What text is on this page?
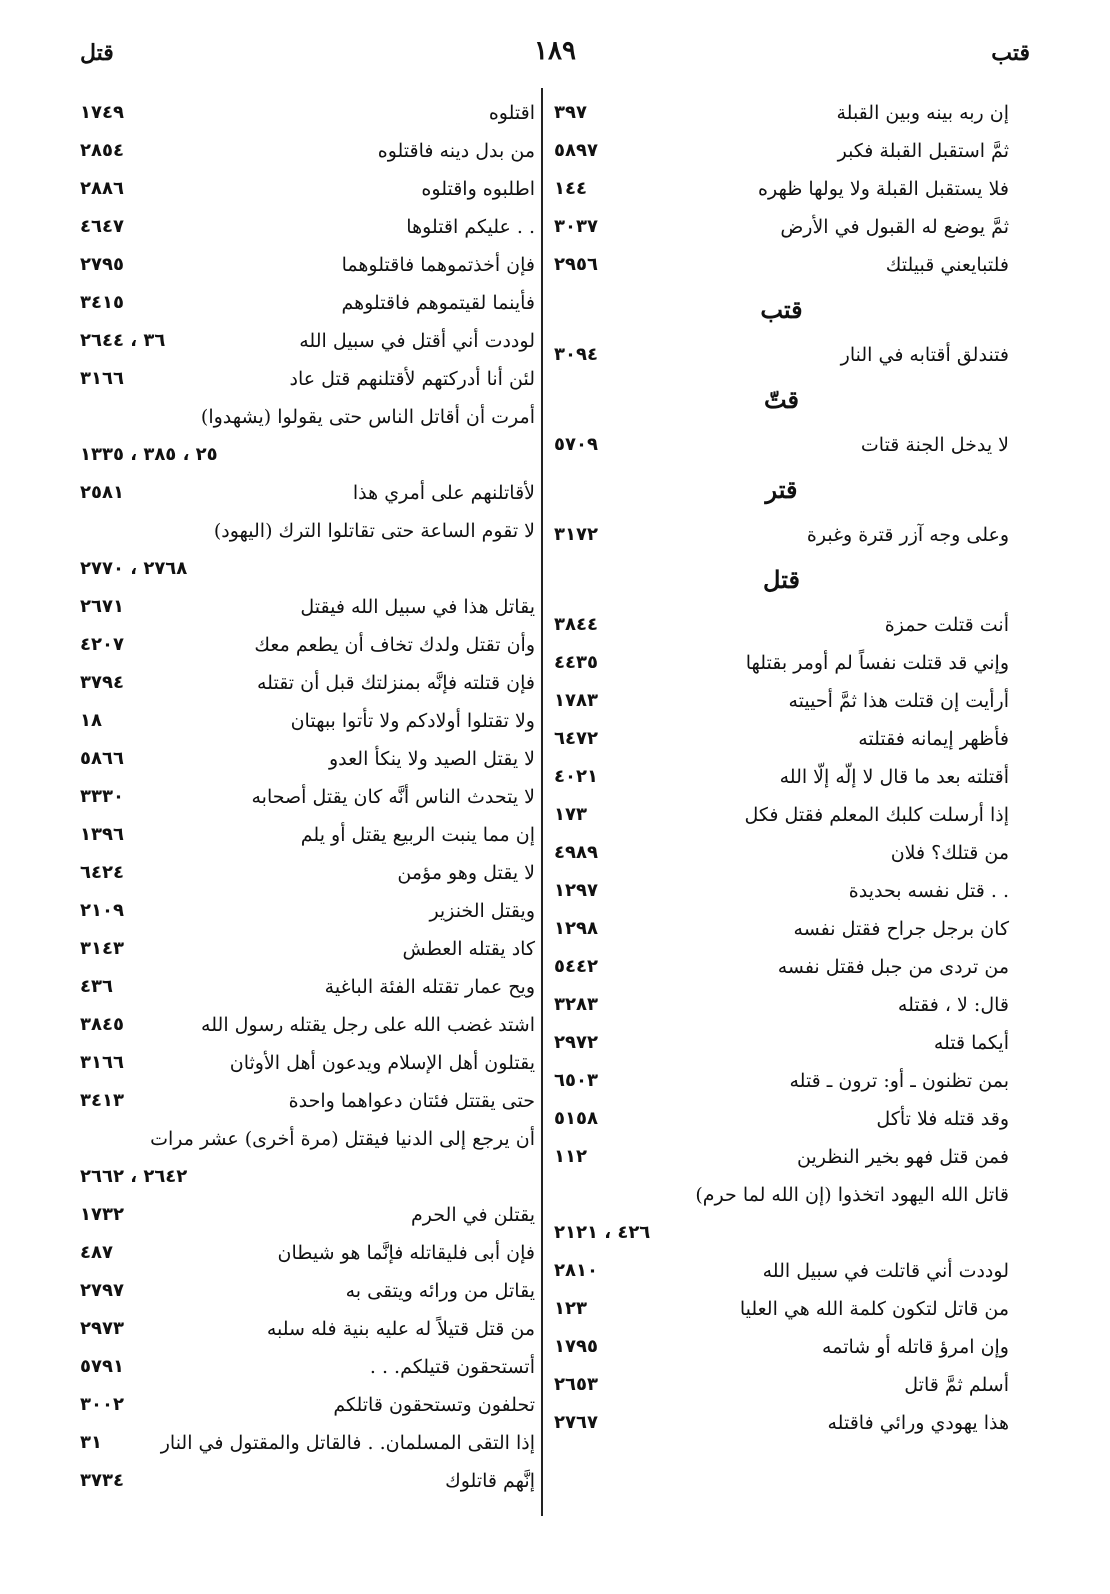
قتب
١٨٩
قتل
إن ربه بينه وبين القبلة
٣٩٧
ثمَّ استقبل القبلة فكبر
٥٨٩٧
فلا يستقبل القبلة ولا يولها ظهره
١٤٤
ثمَّ يوضع له القبول في الأرض
٣٠٣٧
فلتبايعني قبيلتك
٢٩٥٦
قتب
فتندلق أقتابه في النار
٣٠٩٤
قتّ
لا يدخل الجنة قتات
٥٧٠٩
قتر
وعلى وجه آزر قترة وغبرة
٣١٧٢
قتل
أنت قتلت حمزة
٣٨٤٤
وإني قد قتلت نفساً لم أومر بقتلها
٤٤٣٥
أرأيت إن قتلت هذا ثمَّ أحييته
١٧٨٣
فأظهر إيمانه فقتلته
٦٤٧٢
أقتلته بعد ما قال لا إلّه إلّا الله
٤٠٢١
إذا أرسلت كلبك المعلم فقتل فكل
١٧٣
من قتلك؟ فلان
٤٩٨٩
. . قتل نفسه بحديدة
١٢٩٧
كان برجل جراح فقتل نفسه
١٢٩٨
من تردى من جبل فقتل نفسه
٥٤٤٢
قال: لا ، فقتله
٣٢٨٣
أيكما قتله
٢٩٧٢
بمن تظنون ـ أو: ترون ـ قتله
٦٥٠٣
وقد قتله فلا تأكل
٥١٥٨
فمن قتل فهو بخير النظرين
١١٢
قاتل الله اليهود اتخذوا (إن الله لما حرم)
٤٢٦ ، ٢١٢١
لوددت أني قاتلت في سبيل الله
٢٨١٠
من قاتل لتكون كلمة الله هي العليا
١٢٣
وإن امرؤ قاتله أو شاتمه
١٧٩٥
أسلم ثمَّ قاتل
٢٦٥٣
هذا يهودي ورائي فاقتله
٢٧٦٧
اقتلوه
١٧٤٩
من بدل دينه فاقتلوه
٢٨٥٤
اطلبوه واقتلوه
٢٨٨٦
. . عليكم اقتلوها
٤٦٤٧
فإن أخذتموهما فاقتلوهما
٢٧٩٥
فأينما لقيتموهم فاقتلوهم
٣٤١٥
لوددت أني أقتل في سبيل الله
٣٦ ، ٢٦٤٤
لئن أنا أدركتهم لأقتلنهم قتل عاد
٣١٦٦
أمرت أن أقاتل الناس حتى يقولوا (يشهدوا)
٢٥ ، ٣٨٥ ، ١٣٣٥
لأقاتلنهم على أمري هذا
٢٥٨١
لا تقوم الساعة حتى تقاتلوا الترك (اليهود)
٢٧٦٨ ، ٢٧٧٠
يقاتل هذا في سبيل الله فيقتل
٢٦٧١
وأن تقتل ولدك تخاف أن يطعم معك
٤٢٠٧
فإن قتلته فإنَّه بمنزلتك قبل أن تقتله
٣٧٩٤
ولا تقتلوا أولادكم ولا تأتوا ببهتان
١٨
لا يقتل الصيد ولا ينكأ العدو
٥٨٦٦
لا يتحدث الناس أنَّه كان يقتل أصحابه
٣٣٣٠
إن مما ينبت الربيع يقتل أو يلم
١٣٩٦
لا يقتل وهو مؤمن
٦٤٢٤
ويقتل الخنزير
٢١٠٩
كاد يقتله العطش
٣١٤٣
ويح عمار تقتله الفئة الباغية
٤٣٦
اشتد غضب الله على رجل يقتله رسول الله
٣٨٤٥
يقتلون أهل الإسلام ويدعون أهل الأوثان
٣١٦٦
حتى يقتتل فئتان دعواهما واحدة
٣٤١٣
أن يرجع إلى الدنيا فيقتل (مرة أخرى) عشر مرات
٢٦٤٢ ، ٢٦٦٢
يقتلن في الحرم
١٧٣٢
فإن أبى فليقاتله فإنَّما هو شيطان
٤٨٧
يقاتل من ورائه ويتقى به
٢٧٩٧
من قتل قتيلاً له عليه بنية فله سلبه
٢٩٧٣
أتستحقون قتيلكم. . .
٥٧٩١
تحلفون وتستحقون قاتلكم
٣٠٠٢
إذا التقى المسلمان. . فالقاتل والمقتول في النار
٣١
إنَّهم قاتلوك
٣٧٣٤
